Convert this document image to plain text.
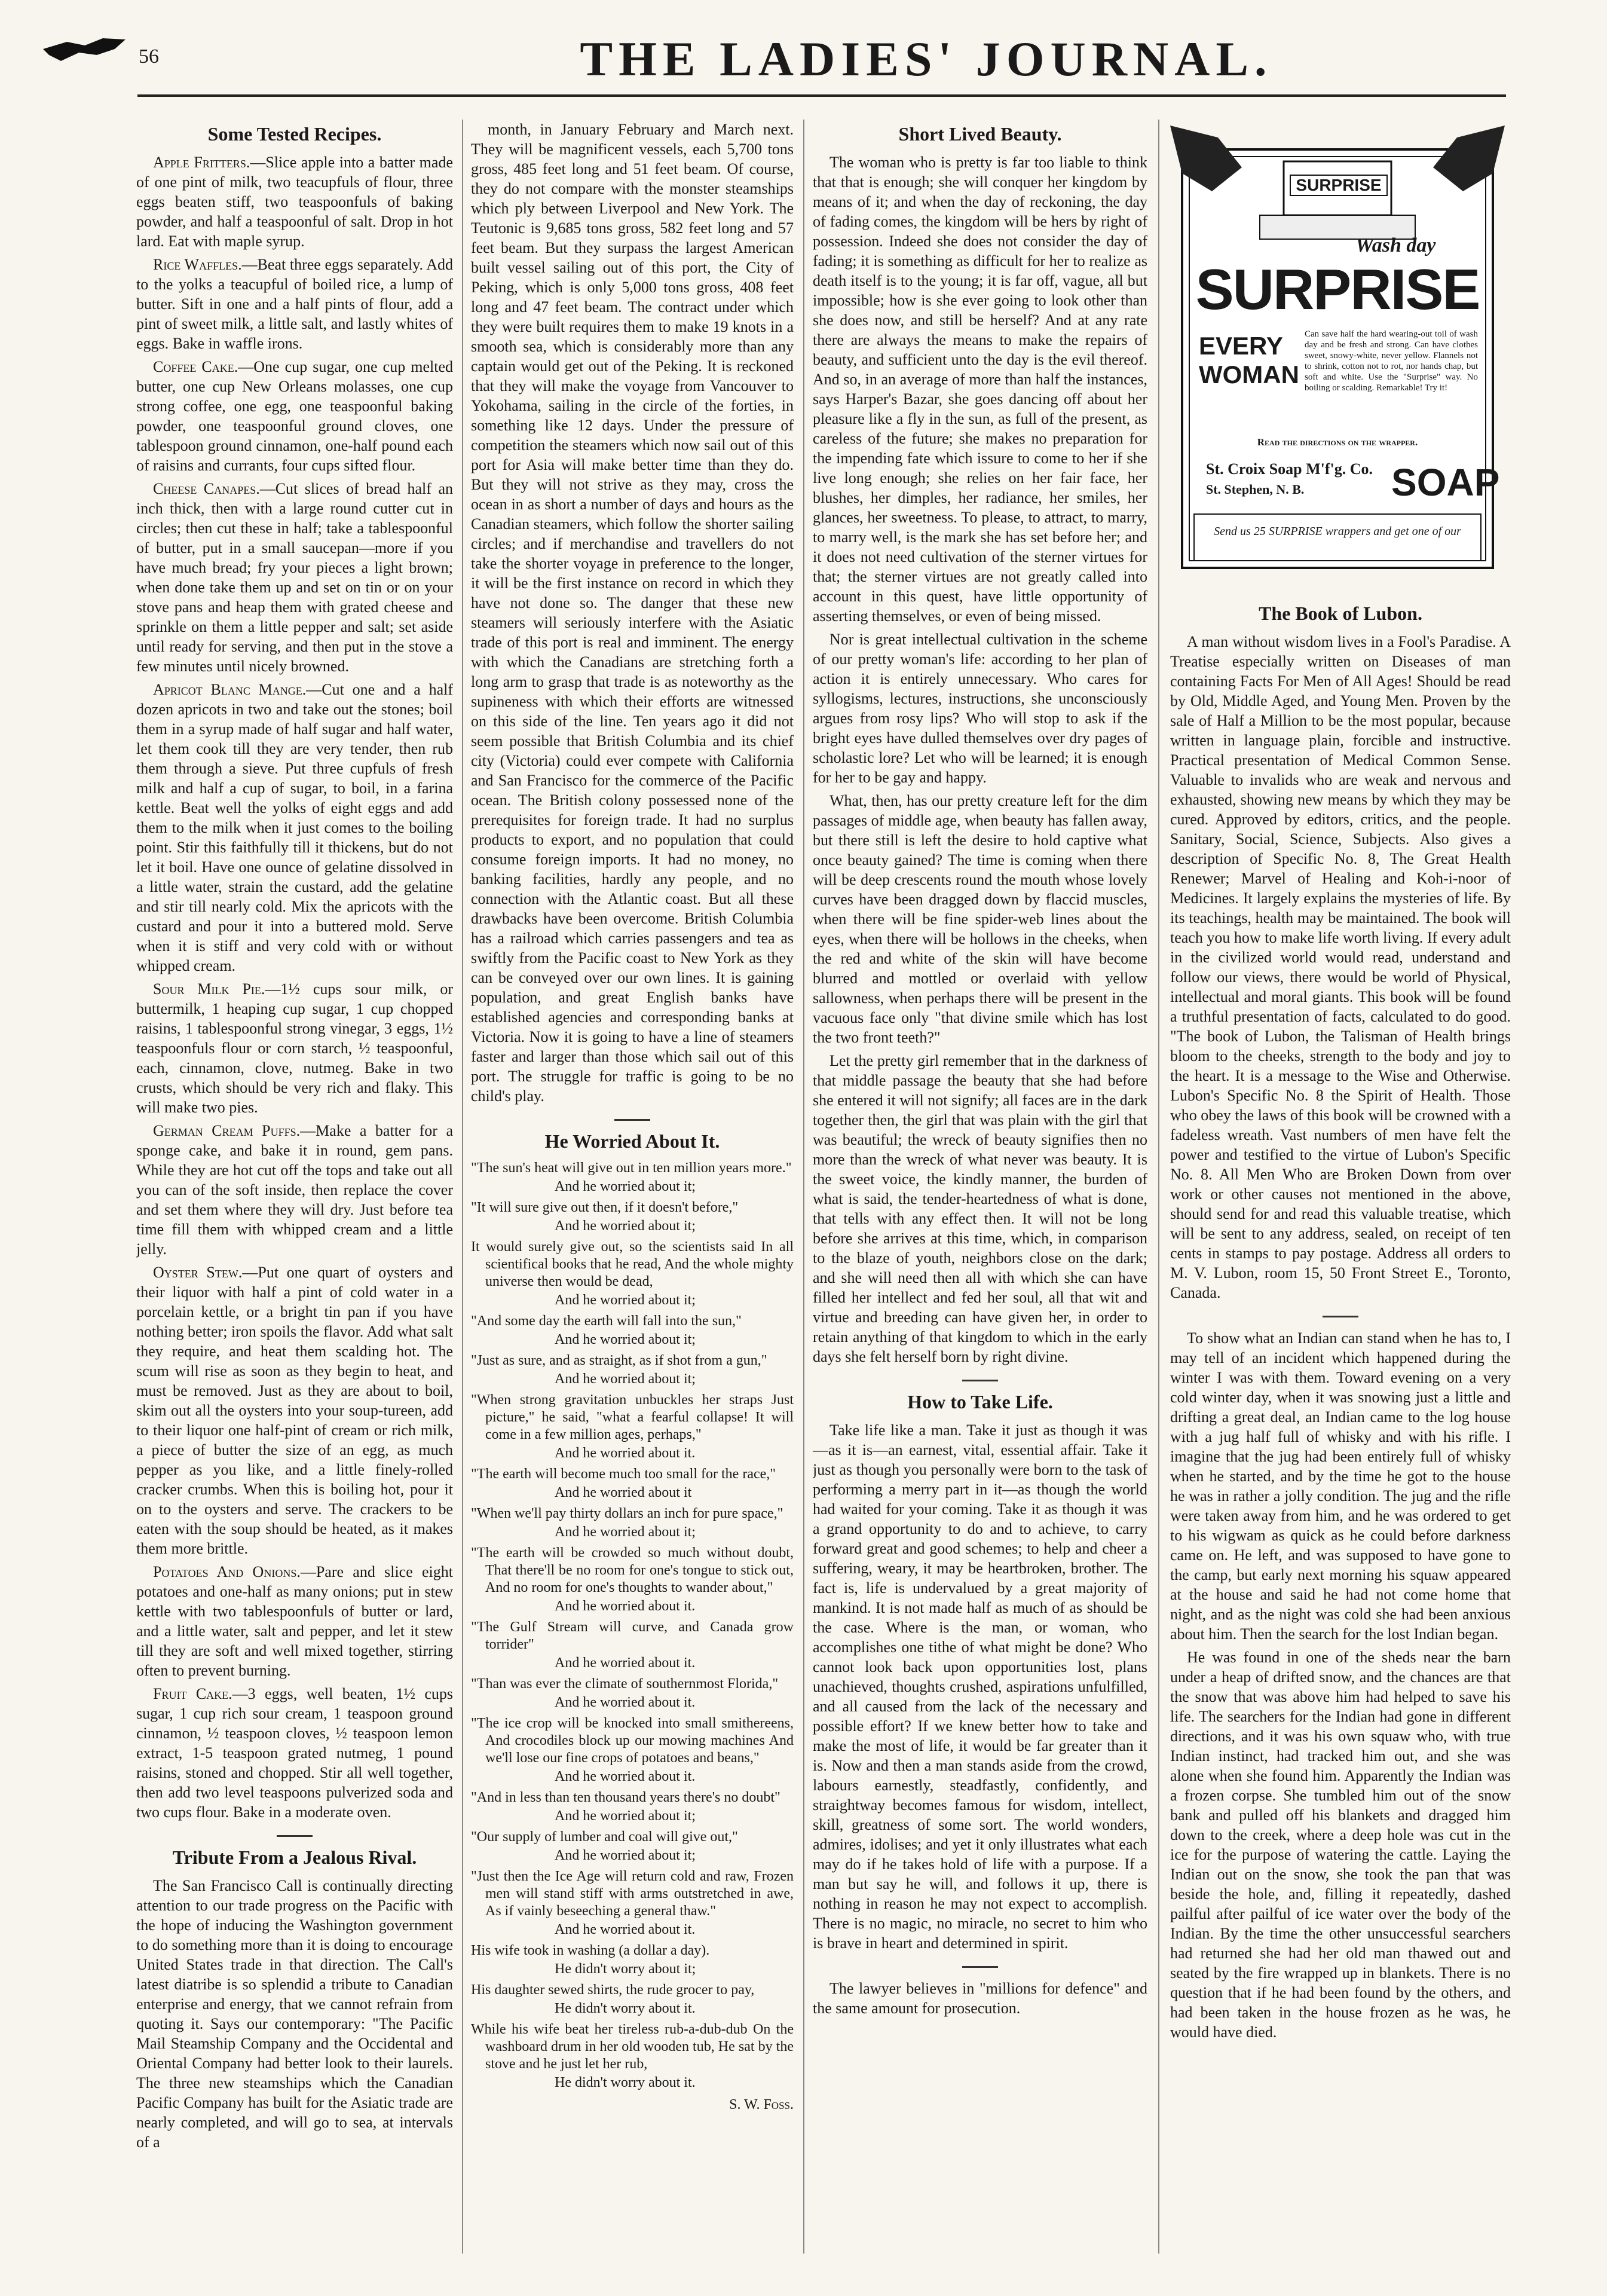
56	THE LADIES' JOURNAL.
Some Tested Recipes.

Apple Fritters.—Slice apple into a batter made of one pint of milk, two teacupfuls of flour, three eggs beaten stiff, two teaspoonfuls of baking powder, and half a teaspoonful of salt. Drop in hot lard. Eat with maple syrup.

Rice Waffles.—Beat three eggs separately. Add to the yolks a teacupful of boiled rice, a lump of butter. Sift in one and a half pints of flour, add a pint of sweet milk, a little salt, and lastly whites of eggs. Bake in waffle irons.

Coffee Cake.—One cup sugar, one cup melted butter, one cup New Orleans molasses, one cup strong coffee, one egg, one teaspoonful baking powder, one teaspoonful ground cloves, one tablespoon ground cinnamon, one-half pound each of raisins and currants, four cups sifted flour.

Cheese Canapes.—Cut slices of bread half an inch thick, then with a large round cutter cut in circles; then cut these in half; take a tablespoonful of butter, put in a small saucepan—more if you have much bread; fry your pieces a light brown; when done take them up and set on tin or on your stove pans and heap them with grated cheese and sprinkle on them a little pepper and salt; set aside until ready for serving, and then put in the stove a few minutes until nicely browned.

Apricot Blanc Mange.—Cut one and a half dozen apricots in two and take out the stones; boil them in a syrup made of half sugar and half water, let them cook till they are very tender, then rub them through a sieve. Put three cupfuls of fresh milk and half a cup of sugar, to boil, in a farina kettle. Beat well the yolks of eight eggs and add them to the milk when it just comes to the boiling point. Stir this faithfully till it thickens, but do not let it boil. Have one ounce of gelatine dissolved in a little water, strain the custard, add the gelatine and stir till nearly cold. Mix the apricots with the custard and pour it into a buttered mold. Serve when it is stiff and very cold with or without whipped cream.

Sour Milk Pie.—1½ cups sour milk, or buttermilk, 1 heaping cup sugar, 1 cup chopped raisins, 1 tablespoonful strong vinegar, 3 eggs, 1½ teaspoonfuls flour or corn starch, ½ teaspoonful, each, cinnamon, clove, nutmeg. Bake in two crusts, which should be very rich and flaky. This will make two pies.

German Cream Puffs.—Make a batter for a sponge cake, and bake it in round, gem pans. While they are hot cut off the tops and take out all you can of the soft inside, then replace the cover and set them where they will dry. Just before tea time fill them with whipped cream and a little jelly.

Oyster Stew.—Put one quart of oysters and their liquor with half a pint of cold water in a porcelain kettle, or a bright tin pan if you have nothing better; iron spoils the flavor. Add what salt they require, and heat them scalding hot. The scum will rise as soon as they begin to heat, and must be removed. Just as they are about to boil, skim out all the oysters into your soup-tureen, add to their liquor one half-pint of cream or rich milk, a piece of butter the size of an egg, as much pepper as you like, and a little finely-rolled cracker crumbs. When this is boiling hot, pour it on to the oysters and serve. The crackers to be eaten with the soup should be heated, as it makes them more brittle.

Potatoes And Onions.—Pare and slice eight potatoes and one-half as many onions; put in stew kettle with two tablespoonfuls of butter or lard, and a little water, salt and pepper, and let it stew till they are soft and well mixed together, stirring often to prevent burning.

Fruit Cake.—3 eggs, well beaten, 1½ cups sugar, 1 cup rich sour cream, 1 teaspoon ground cinnamon, ½ teaspoon cloves, ½ teaspoon lemon extract, 1-5 teaspoon grated nutmeg, 1 pound raisins, stoned and chopped. Stir all well together, then add two level teaspoons pulverized soda and two cups flour. Bake in a moderate oven.

Tribute From a Jealous Rival.

The San Francisco Call is continually directing attention to our trade progress on the Pacific with the hope of inducing the Washington government to do something more than it is doing to encourage United States trade in that direction. The Call's latest diatribe is so splendid a tribute to Canadian enterprise and energy, that we cannot refrain from quoting it. Says our contemporary: "The Pacific Mail Steamship Company and the Occidental and Oriental Company had better look to their laurels. The three new steamships which the Canadian Pacific Company has built for the Asiatic trade are nearly completed, and will go to sea, at intervals of a

month, in January February and March next. They will be magnificent vessels, each 5,700 tons gross, 485 feet long and 51 feet beam. Of course, they do not compare with the monster steamships which ply between Liverpool and New York. The Teutonic is 9,685 tons gross, 582 feet long and 57 feet beam. But they surpass the largest American built vessel sailing out of this port, the City of Peking, which is only 5,000 tons gross, 408 feet long and 47 feet beam. The contract under which they were built requires them to make 19 knots in a smooth sea, which is considerably more than any captain would get out of the Peking. It is reckoned that they will make the voyage from Vancouver to Yokohama, sailing in the circle of the forties, in something like 12 days. Under the pressure of competition the steamers which now sail out of this port for Asia will make better time than they do. But they will not strive as they may, cross the ocean in as short a number of days and hours as the Canadian steamers, which follow the shorter sailing circles; and if merchandise and travellers do not take the shorter voyage in preference to the longer, it will be the first instance on record in which they have not done so. The danger that these new steamers will seriously interfere with the Asiatic trade of this port is real and imminent. The energy with which the Canadians are stretching forth a long arm to grasp that trade is as noteworthy as the supineness with which their efforts are witnessed on this side of the line. Ten years ago it did not seem possible that British Columbia and its chief city (Victoria) could ever compete with California and San Francisco for the commerce of the Pacific ocean. The British colony possessed none of the prerequisites for foreign trade. It had no surplus products to export, and no population that could consume foreign imports. It had no money, no banking facilities, hardly any people, and no connection with the Atlantic coast. But all these drawbacks have been overcome. British Columbia has a railroad which carries passengers and tea as swiftly from the Pacific coast to New York as they can be conveyed over our own lines. It is gaining population, and great English banks have established agencies and corresponding banks at Victoria. Now it is going to have a line of steamers faster and larger than those which sail out of this port. The struggle for traffic is going to be no child's play.

He Worried About It.
"The sun's heat will give out in ten million years more."
And he worried about it;
"It will sure give out then, if it doesn't before,"
And he worried about it;
It would surely give out, so the scientists said In all scientifical books that he read, And the whole mighty universe then would be dead,
And he worried about it;
"And some day the earth will fall into the sun,"
And he worried about it;
"Just as sure, and as straight, as if shot from a gun,"
And he worried about it;
"When strong gravitation unbuckles her straps Just picture," he said, "what a fearful collapse! It will come in a few million ages, perhaps,"
And he worried about it.
"The earth will become much too small for the race,"
And he worried about it
"When we'll pay thirty dollars an inch for pure space,"
And he worried about it;
"The earth will be crowded so much without doubt, That there'll be no room for one's tongue to stick out, And no room for one's thoughts to wander about,"
And he worried about it.
"The Gulf Stream will curve, and Canada grow torrider"
And he worried about it.
"Than was ever the climate of southernmost Florida,"
And he worried about it.
"The ice crop will be knocked into small smithereens, And crocodiles block up our mowing machines And we'll lose our fine crops of potatoes and beans,"
And he worried about it.
"And in less than ten thousand years there's no doubt"
And he worried about it;
"Our supply of lumber and coal will give out,"
And he worried about it;
"Just then the Ice Age will return cold and raw, Frozen men will stand stiff with arms outstretched in awe, As if vainly beseeching a general thaw."
And he worried about it.
His wife took in washing (a dollar a day).
He didn't worry about it;
His daughter sewed shirts, the rude grocer to pay,
He didn't worry about it.
While his wife beat her tireless rub-a-dub-dub On the washboard drum in her old wooden tub, He sat by the stove and he just let her rub,
He didn't worry about it.
S. W. Foss.
Short Lived Beauty.

The woman who is pretty is far too liable to think that that is enough; she will conquer her kingdom by means of it; and when the day of reckoning, the day of fading comes, the kingdom will be hers by right of possession. Indeed she does not consider the day of fading; it is something as difficult for her to realize as death itself is to the young; it is far off, vague, all but impossible; how is she ever going to look other than she does now, and still be herself? And at any rate there are always the means to make the repairs of beauty, and sufficient unto the day is the evil thereof. And so, in an average of more than half the instances, says Harper's Bazar, she goes dancing off about her pleasure like a fly in the sun, as full of the present, as careless of the future; she makes no preparation for the impending fate which issure to come to her if she live long enough; she relies on her fair face, her blushes, her dimples, her radiance, her smiles, her glances, her sweetness. To please, to attract, to marry, to marry well, is the mark she has set before her; and it does not need cultivation of the sterner virtues for that; the sterner virtues are not greatly called into account in this quest, have little opportunity of asserting themselves, or even of being missed.

Nor is great intellectual cultivation in the scheme of our pretty woman's life: according to her plan of action it is entirely unnecessary. Who cares for syllogisms, lectures, instructions, she unconsciously argues from rosy lips? Who will stop to ask if the bright eyes have dulled themselves over dry pages of scholastic lore? Let who will be learned; it is enough for her to be gay and happy.

What, then, has our pretty creature left for the dim passages of middle age, when beauty has fallen away, but there still is left the desire to hold captive what once beauty gained? The time is coming when there will be deep crescents round the mouth whose lovely curves have been dragged down by flaccid muscles, when there will be fine spider-web lines about the eyes, when there will be hollows in the cheeks, when the red and white of the skin will have become blurred and mottled or overlaid with yellow sallowness, when perhaps there will be present in the vacuous face only "that divine smile which has lost the two front teeth?"

Let the pretty girl remember that in the darkness of that middle passage the beauty that she had before she entered it will not signify; all faces are in the dark together then, the girl that was plain with the girl that was beautiful; the wreck of beauty signifies then no more than the wreck of what never was beauty. It is the sweet voice, the kindly manner, the burden of what is said, the tender-heartedness of what is done, that tells with any effect then. It will not be long before she arrives at this time, which, in comparison to the blaze of youth, neighbors close on the dark; and she will need then all with which she can have filled her intellect and fed her soul, all that wit and virtue and breeding can have given her, in order to retain anything of that kingdom to which in the early days she felt herself born by right divine.

How to Take Life.

Take life like a man. Take it just as though it was—as it is—an earnest, vital, essential affair. Take it just as though you personally were born to the task of performing a merry part in it—as though the world had waited for your coming. Take it as though it was a grand opportunity to do and to achieve, to carry forward great and good schemes; to help and cheer a suffering, weary, it may be heartbroken, brother. The fact is, life is undervalued by a great majority of mankind. It is not made half as much of as should be the case. Where is the man, or woman, who accomplishes one tithe of what might be done? Who cannot look back upon opportunities lost, plans unachieved, thoughts crushed, aspirations unfulfilled, and all caused from the lack of the necessary and possible effort? If we knew better how to take and make the most of life, it would be far greater than it is. Now and then a man stands aside from the crowd, labours earnestly, steadfastly, confidently, and straightway becomes famous for wisdom, intellect, skill, greatness of some sort. The world wonders, admires, idolises; and yet it only illustrates what each may do if he takes hold of life with a purpose. If a man but say he will, and follows it up, there is nothing in reason he may not expect to accomplish. There is no magic, no miracle, no secret to him who is brave in heart and determined in spirit.

The lawyer believes in "millions for defence" and the same amount for prosecution.

SURPRISE
Wash day
SURPRISE
EVERY WOMAN
Can save half the hard wearing-out toil of wash day and be fresh and strong. Can have clothes sweet, snowy-white, never yellow. Flannels not to shrink, cotton not to rot, nor hands chap, but soft and white. Use the "Surprise" way. No boiling or scalding. Remarkable! Try it!
Read the directions on the wrapper.
St. Croix Soap M'f'g. Co.
St. Stephen, N. B.	SOAP
Send us 25 SURPRISE wrappers and get one of our
The Book of Lubon.

A man without wisdom lives in a Fool's Paradise. A Treatise especially written on Diseases of man containing Facts For Men of All Ages! Should be read by Old, Middle Aged, and Young Men. Proven by the sale of Half a Million to be the most popular, because written in language plain, forcible and instructive. Practical presentation of Medical Common Sense. Valuable to invalids who are weak and nervous and exhausted, showing new means by which they may be cured. Approved by editors, critics, and the people. Sanitary, Social, Science, Subjects. Also gives a description of Specific No. 8, The Great Health Renewer; Marvel of Healing and Koh-i-noor of Medicines. It largely explains the mysteries of life. By its teachings, health may be maintained. The book will teach you how to make life worth living. If every adult in the civilized world would read, understand and follow our views, there would be world of Physical, intellectual and moral giants. This book will be found a truthful presentation of facts, calculated to do good. "The book of Lubon, the Talisman of Health brings bloom to the cheeks, strength to the body and joy to the heart. It is a message to the Wise and Otherwise. Lubon's Specific No. 8 the Spirit of Health. Those who obey the laws of this book will be crowned with a fadeless wreath. Vast numbers of men have felt the power and testified to the virtue of Lubon's Specific No. 8. All Men Who are Broken Down from over work or other causes not mentioned in the above, should send for and read this valuable treatise, which will be sent to any address, sealed, on receipt of ten cents in stamps to pay postage. Address all orders to M. V. Lubon, room 15, 50 Front Street E., Toronto, Canada.

To show what an Indian can stand when he has to, I may tell of an incident which happened during the winter I was with them. Toward evening on a very cold winter day, when it was snowing just a little and drifting a great deal, an Indian came to the log house with a jug half full of whisky and with his rifle. I imagine that the jug had been entirely full of whisky when he started, and by the time he got to the house he was in rather a jolly condition. The jug and the rifle were taken away from him, and he was ordered to get to his wigwam as quick as he could before darkness came on. He left, and was supposed to have gone to the camp, but early next morning his squaw appeared at the house and said he had not come home that night, and as the night was cold she had been anxious about him. Then the search for the lost Indian began.

He was found in one of the sheds near the barn under a heap of drifted snow, and the chances are that the snow that was above him had helped to save his life. The searchers for the Indian had gone in different directions, and it was his own squaw who, with true Indian instinct, had tracked him out, and she was alone when she found him. Apparently the Indian was a frozen corpse. She tumbled him out of the snow bank and pulled off his blankets and dragged him down to the creek, where a deep hole was cut in the ice for the purpose of watering the cattle. Laying the Indian out on the snow, she took the pan that was beside the hole, and, filling it repeatedly, dashed pailful after pailful of ice water over the body of the Indian. By the time the other unsuccessful searchers had returned she had her old man thawed out and seated by the fire wrapped up in blankets. There is no question that if he had been found by the others, and had been taken in the house frozen as he was, he would have died.
